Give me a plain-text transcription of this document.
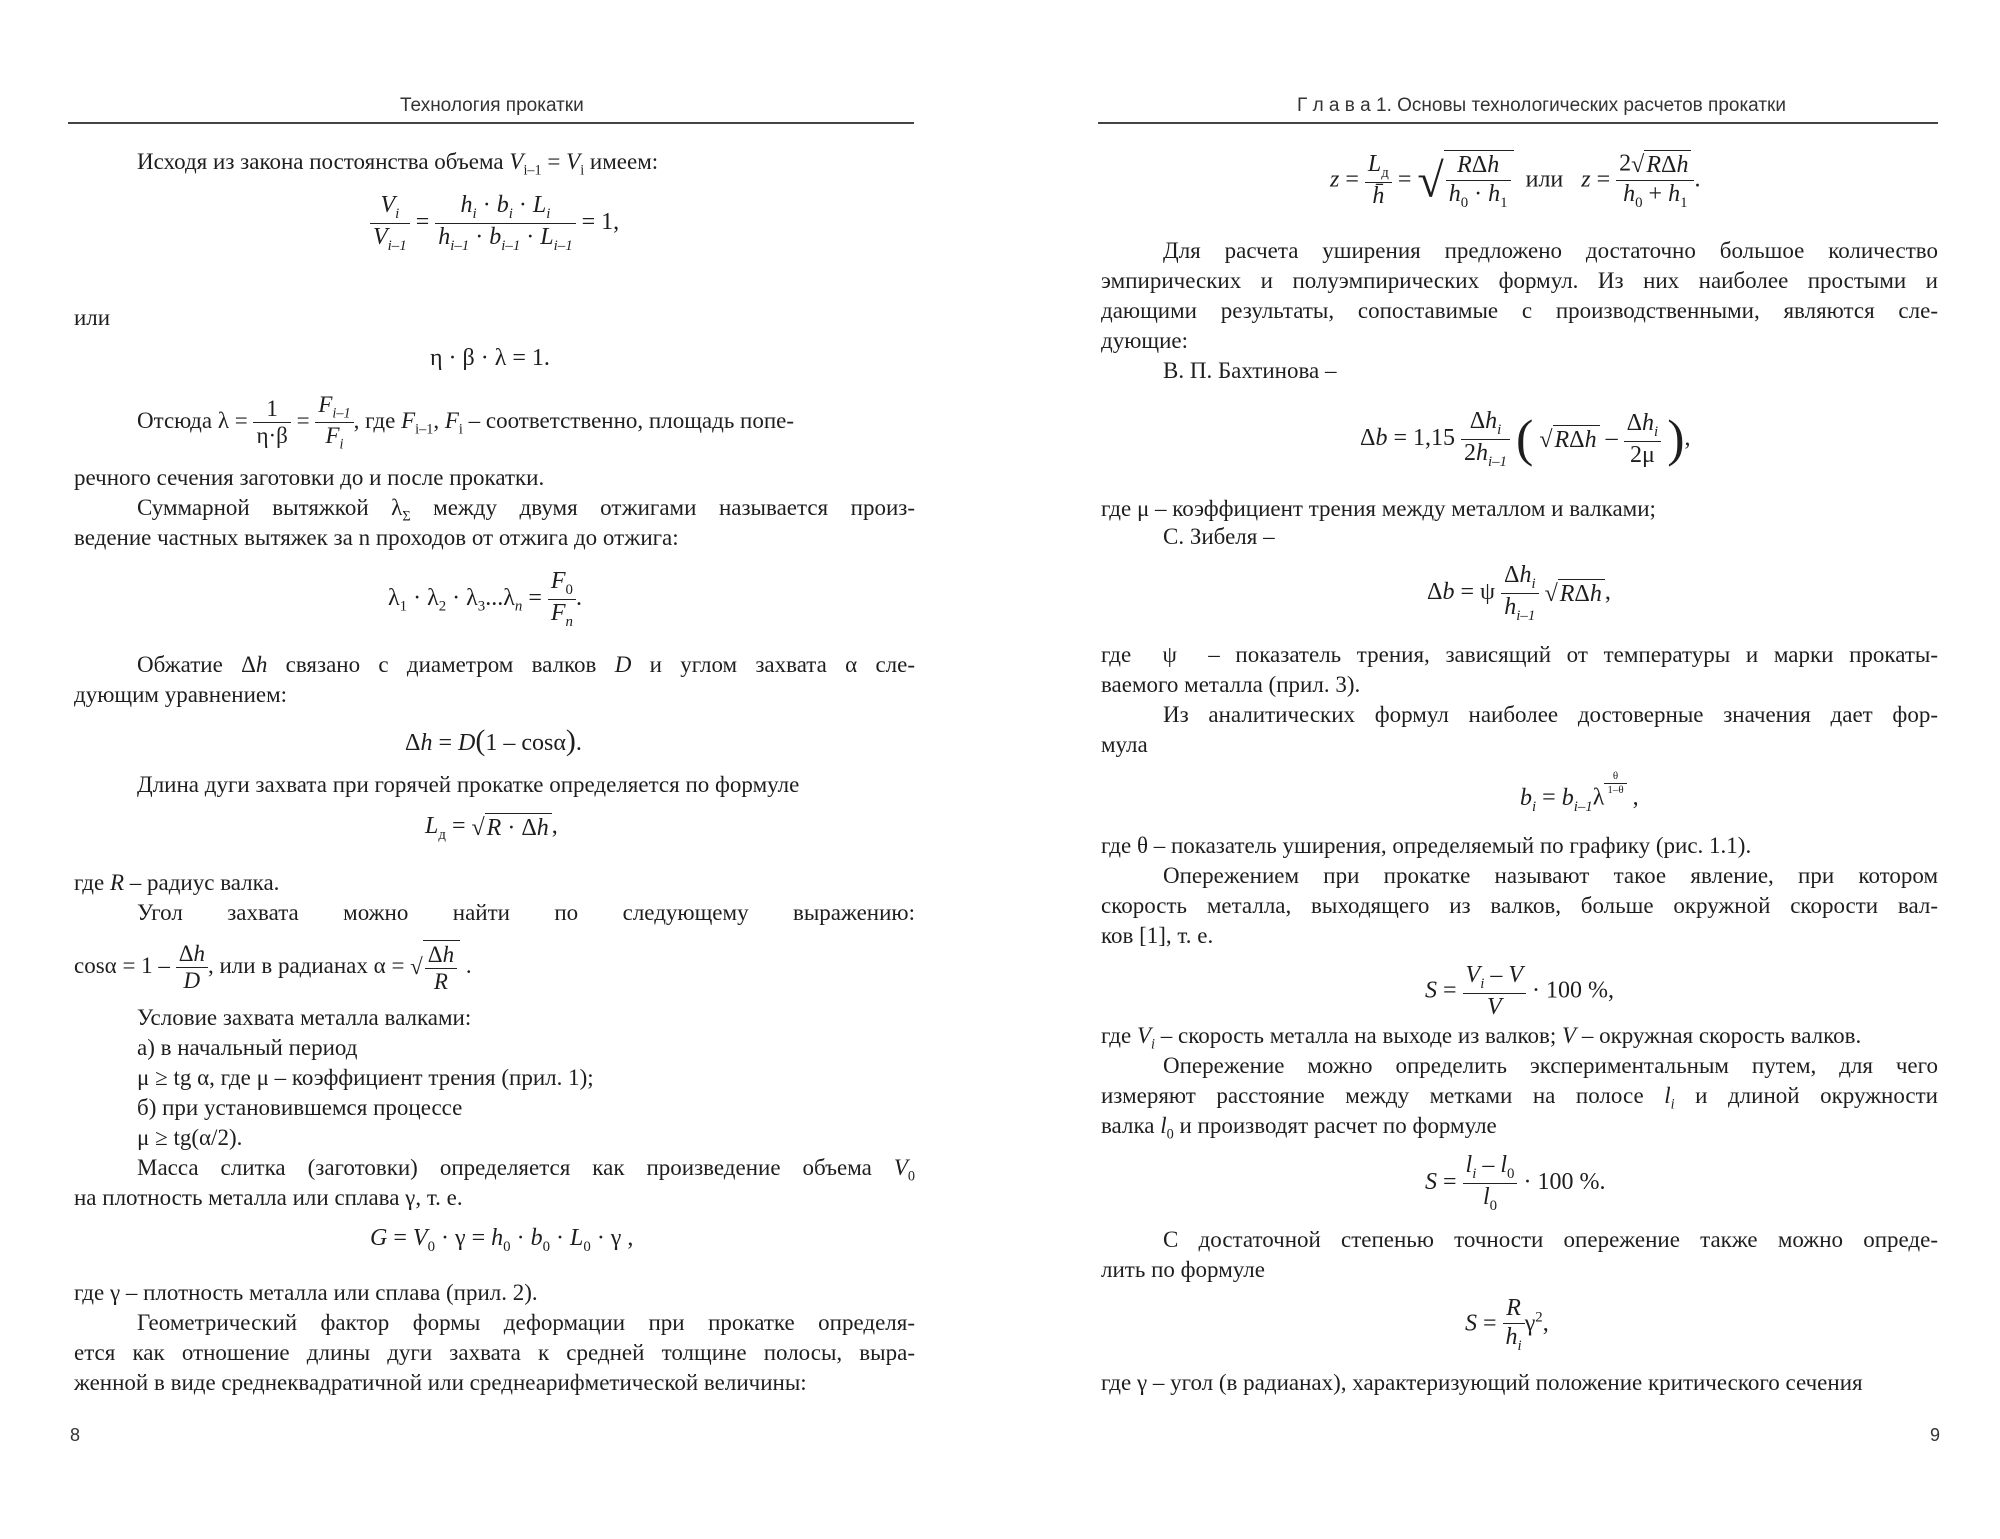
Технология прокатки
Исходя из закона постоянства объема $V_{i-1} = V_i$ имеем:
$\frac{V_i}{V_{i-1}} = \frac{h_i \cdot b_i \cdot L_i}{h_{i-1} \cdot b_{i-1} \cdot L_{i-1}} = 1$,
или
η · β · λ = 1.
Отсюда $\lambda = \frac{1}{\eta\cdot\beta} = \frac{F_{i-1}}{F_i}$ , где $F_{i-1}$, $F_i$ – соответственно, площадь попе-
речного сечения заготовки до и после прокатки.
Суммарной вытяжкой $\lambda_\Sigma$ между двумя отжигами называется произ-
ведение частных вытяжек за n проходов от отжига до отжига:
$\lambda_1 \cdot \lambda_2 \cdot \lambda_3...\lambda_n = \frac{F_0}{F_n}$ .
Обжатие Δh связано с диаметром валков D и углом захвата α сле-
дующим уравнением:
Δh = D(1 – cosα).
Длина дуги захвата при горячей прокатке определяется по формуле
$L_д = √R \cdot \Delta h$ ,
где R – радиус валка.
Угол захвата можно найти по следующему выражению:
$\cos\alpha = 1 - \frac{\Delta h}{D}$ , или в радианах α = √ $\frac{\Delta h}{R}$ .
Условие захвата металла валками:
а) в начальный период
μ ≥ tg α, где μ – коэффициент трения (прил. 1);
б) при установившемся процессе
μ ≥ tg(α/2).
Масса слитка (заготовки) определяется как произведение объема $V_0$
на плотность металла или сплава γ, т. е.
$G = V_0 \cdot \gamma = h_0 \cdot b_0 \cdot L_0 \cdot \gamma$ ,
где γ – плотность металла или сплава (прил. 2).
Геометрический фактор формы деформации при прокатке определя-
ется как отношение длины дуги захвата к средней толщине полосы, выра-
женной в виде среднеквадратичной или среднеарифметической величины:
8
Г л а в а 1. Основы технологических расчетов прокатки
$z = \frac{L_д}{h̄}$ = √ $\frac{\text{RΔh}}{h_0 \cdot h_1}$ или $z = \frac{\text{2√RΔh}}{h_0 + h_1}$ .
Для расчета уширения предложено достаточно большое количество
эмпирических и полуэмпирических формул. Из них наиболее простыми и
дающими результаты, сопоставимые с производственными, являются сле-
дующие:
В. П. Бахтинова –
$\Delta b = 1,15 \frac{\Delta h_i}{2h_{i-1}}$ ( $√R\Delta h - \frac{\Delta h_i}{2\mu}$ ),
где μ – коэффициент трения между металлом и валками;
С. Зибеля –
Δb = ψ $\frac{\Delta h_i}{h_{i-1}} √R\Delta h$ ,
где  ψ  – показатель трения, зависящий от температуры и марки прокаты-
ваемого металла (прил. 3).
Из аналитических формул наиболее достоверные значения дает фор-
мула
$b_i = b_{i-1}\lambda$
$^{\frac{\theta}{1-\theta}}$
,
где θ – показатель уширения, определяемый по графику (рис. 1.1).
Опережением при прокатке называют такое явление, при котором
скорость металла, выходящего из валков, больше окружной скорости вал-
ков [1], т. е.
$S = \frac{V_i - V}{V} \cdot 100$ %,
где $V_i$ – скорость металла на выходе из валков; V – окружная скорость валков.
Опережение можно определить экспериментальным путем, для чего
измеряют расстояние между метками на полосе $l_i$ и длиной окружности
валка $l_0$ и производят расчет по формуле
$S = \frac{l_i - l_0}{l_0} \cdot 100$ %.
С достаточной степенью точности опережение также можно опреде-
лить по формуле
$S = \frac{R}{h_i} \gamma^2$,
где γ – угол (в радианах), характеризующий положение критического сечения
9
